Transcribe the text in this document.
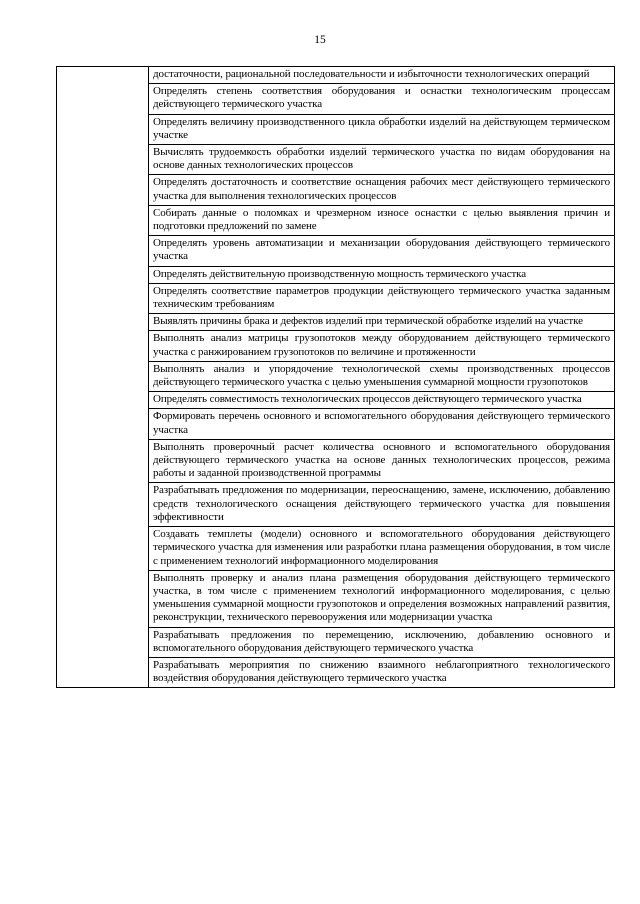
15
	достаточности, рациональной последовательности и избыточности технологических операций
Определять степень соответствия оборудования и оснастки технологическим процессам действующего термического участка
Определять величину производственного цикла обработки изделий на действующем термическом участке
Вычислять трудоемкость обработки изделий термического участка по видам оборудования на основе данных технологических процессов
Определять достаточность и соответствие оснащения рабочих мест действующего термического участка для выполнения технологических процессов
Собирать данные о поломках и чрезмерном износе оснастки с целью выявления причин и подготовки предложений по замене
Определять уровень автоматизации и механизации оборудования действующего термического участка
Определять действительную производственную мощность термического участка
Определять соответствие параметров продукции действующего термического участка заданным техническим требованиям
Выявлять причины брака и дефектов изделий при термической обработке изделий на участке
Выполнять анализ матрицы грузопотоков между оборудованием действующего термического участка с ранжированием грузопотоков по величине и протяженности
Выполнять анализ и упорядочение технологической схемы производственных процессов действующего термического участка с целью уменьшения суммарной мощности грузопотоков
Определять совместимость технологических процессов действующего термического участка
Формировать перечень основного и вспомогательного оборудования действующего термического участка
Выполнять проверочный расчет количества основного и вспомогательного оборудования действующего термического участка на основе данных технологических процессов, режима работы и заданной производственной программы
Разрабатывать предложения по модернизации, переоснащению, замене, исключению, добавлению средств технологического оснащения действующего термического участка для повышения эффективности
Создавать темплеты (модели) основного и вспомогательного оборудования действующего термического участка для изменения или разработки плана размещения оборудования, в том числе с применением технологий информационного моделирования
Выполнять проверку и анализ плана размещения оборудования действующего термического участка, в том числе с применением технологий информационного моделирования, с целью уменьшения суммарной мощности грузопотоков и определения возможных направлений развития, реконструкции, технического перевооружения или модернизации участка
Разрабатывать предложения по перемещению, исключению, добавлению основного и вспомогательного оборудования действующего термического участка
Разрабатывать мероприятия по снижению взаимного неблагоприятного технологического воздействия оборудования действующего термического участка
